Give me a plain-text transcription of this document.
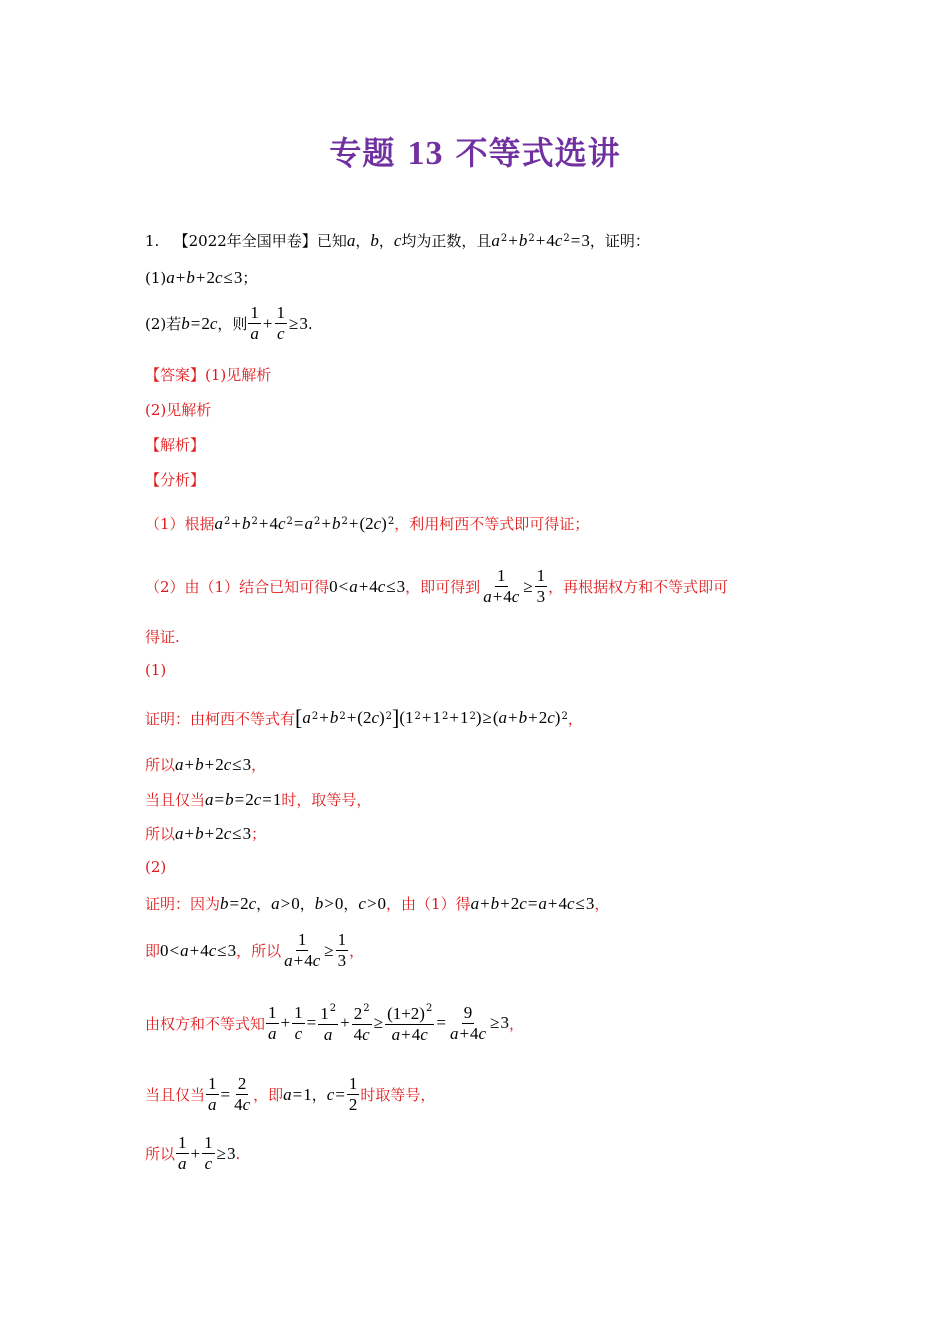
专题 13 不等式选讲
1.
【2022年全国甲卷】 已知 a ， b ， c 均为正数，且 $a^2 + b^2 + 4$ $c^2 = 3$ ，证明：
(1) a + b + 2 c ≤ 3 ；
(2) 若 b = 2 c ，则 $\frac{1}{a} + \frac{1}{c} \ge 3$ .
【答案】 (1)见解析
(2)见解析
【解析】
【分析】
（1）根据 $a^2 + b^2 + 4$ $c^2 = a^2 + b^2 + (2$ c )$^2$ ，利用柯西不等式即可得证；
（2）由（1）结合已知可得 0 < a + 4 c ≤ 3 ，即可得到 $\frac{1}{a+4c} \ge \frac{1}{3}$ ，再根据权方和不等式即可
得证.
(1)
证明：由柯西不等式有 [ $a^2 + b^2 + (2$ c )$^2$ ] ($1^2 + 1^2 + 1^2$ ) ≥ ( a + b + 2 c )$^2$ ，
所以 a + b + 2 c ≤ 3 ，
当且仅当 a = b = 2 c = 1 时，取等号，
所以 a + b + 2 c ≤ 3 ；
(2)
证明：因为 b = 2 c ， a > 0 ， b > 0 ， c > 0 ，由（1）得 a + b + 2 c = a + 4 c ≤ 3 ，
即 0 < a + 4 c ≤ 3 ，所以 $\frac{1}{a+4c} \ge \frac{1}{3}$ ，
由权方和不等式知 $\frac{1}{a} + \frac{1}{c} = \frac{1^2}{a} + \frac{2^2}{4c} \ge \frac{(1+2)^2}{a+4c} = \frac{9}{a+4c} \ge 3$ ，
当且仅当 $\frac{1}{a} = \frac{2}{4c}$ ，即 a = 1 ， $c = \frac{1}{2}$ 时取等号，
所以 $\frac{1}{a} + \frac{1}{c} \ge 3$ .
